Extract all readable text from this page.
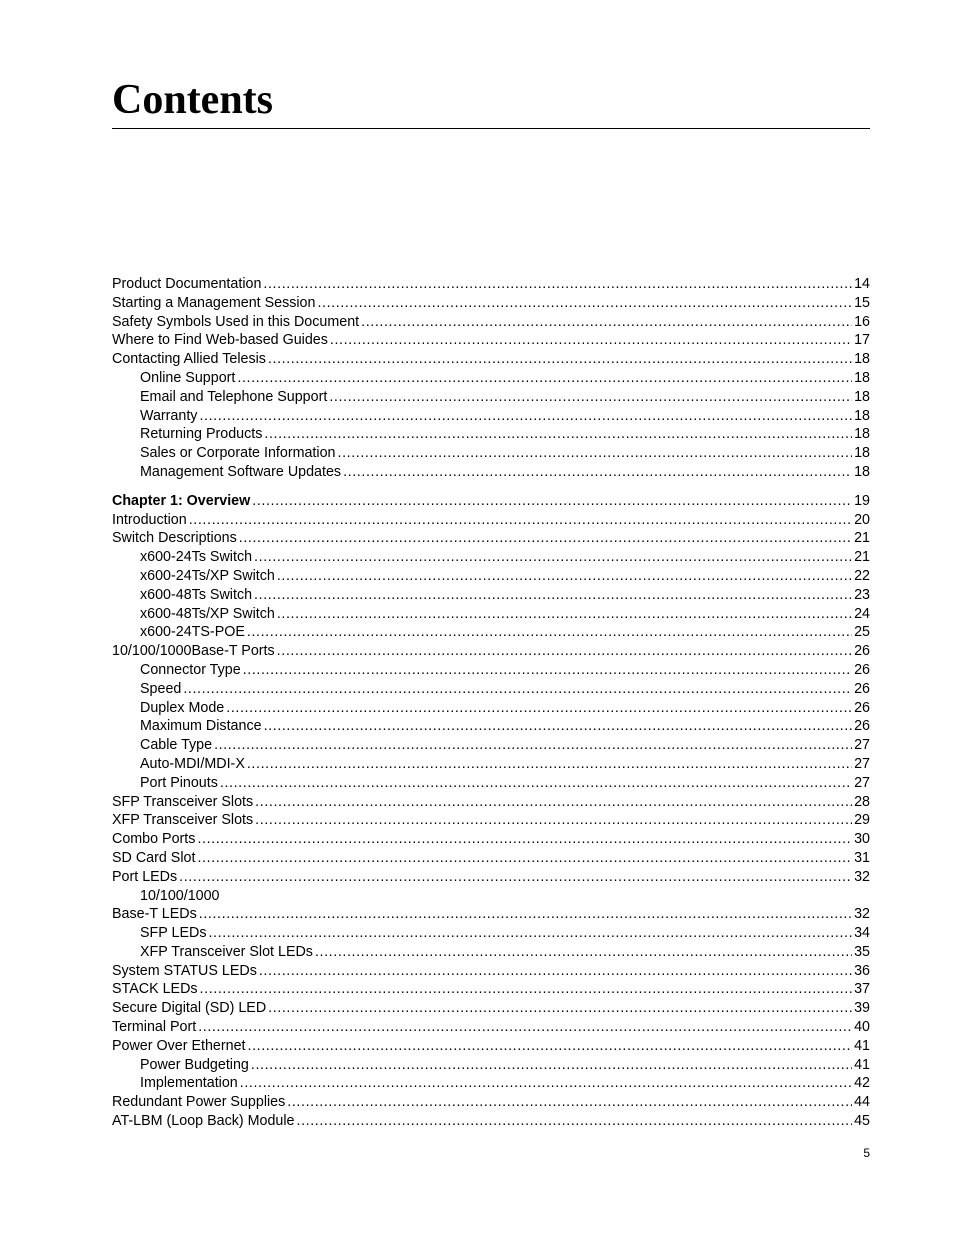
Contents
Product Documentation .....	14
Starting a Management Session .....	15
Safety Symbols Used in this Document .....	16
Where to Find Web-based Guides .....	17
Contacting Allied Telesis .....	18
Online Support .....	18
Email and Telephone Support .....	18
Warranty .....	18
Returning Products .....	18
Sales or Corporate Information .....	18
Management Software Updates .....	18
Chapter 1: Overview .....	19
Introduction .....	20
Switch Descriptions .....	21
x600-24Ts Switch .....	21
x600-24Ts/XP Switch .....	22
x600-48Ts Switch .....	23
x600-48Ts/XP Switch .....	24
x600-24TS-POE .....	25
10/100/1000Base-T Ports .....	26
Connector Type .....	26
Speed .....	26
Duplex Mode .....	26
Maximum Distance .....	26
Cable Type .....	27
Auto-MDI/MDI-X .....	27
Port Pinouts .....	27
SFP Transceiver Slots .....	28
XFP Transceiver Slots .....	29
Combo Ports .....	30
SD Card Slot .....	31
Port LEDs .....	32
10/100/1000
Base-T LEDs .....	32
SFP LEDs .....	34
XFP Transceiver Slot LEDs .....	35
System STATUS LEDs .....	36
STACK LEDs .....	37
Secure Digital (SD) LED .....	39
Terminal Port .....	40
Power Over Ethernet .....	41
Power Budgeting .....	41
Implementation .....	42
Redundant Power Supplies .....	44
AT-LBM (Loop Back) Module .....	45
5
